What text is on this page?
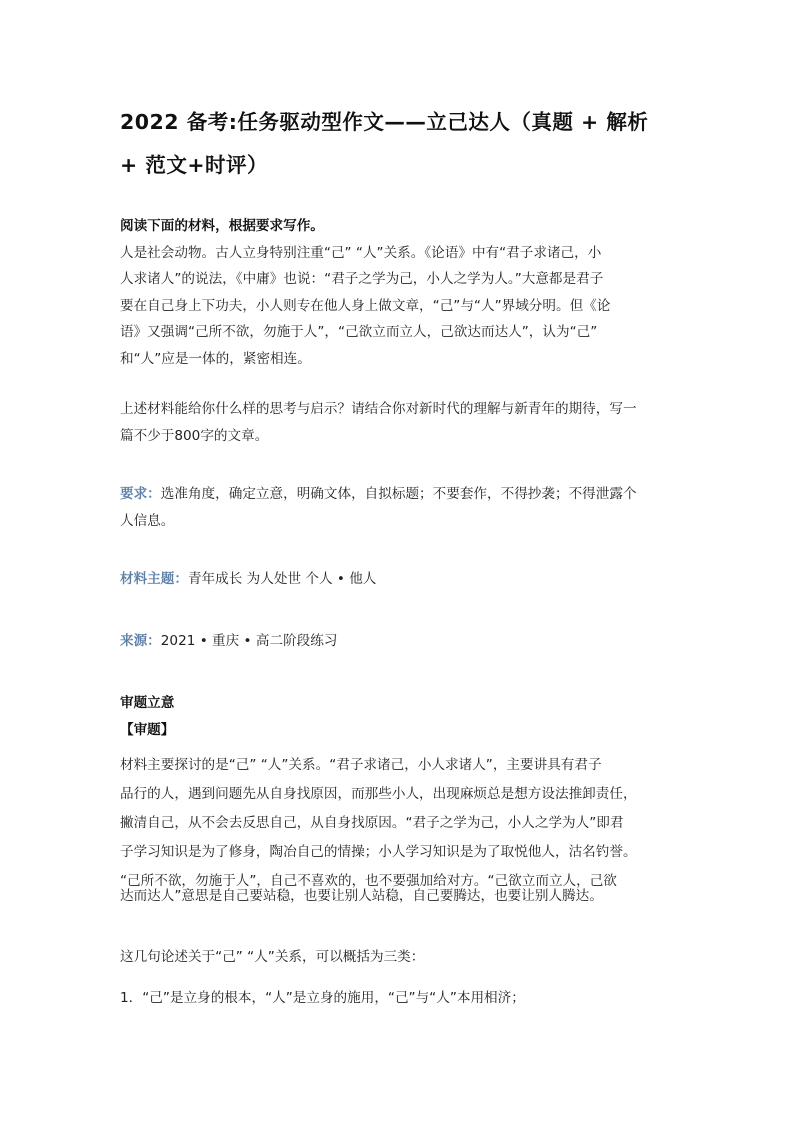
2022 备考:任务驱动型作文——立己达人（真题 + 解析
+ 范文+时评）
阅读下面的材料，根据要求写作。
人是社会动物。古人立身特别注重“己” “人”关系。《论语》中有“君子求诸己，小
人求诸人”的说法，《中庸》也说：“君子之学为己，小人之学为人。”大意都是君子
要在自己身上下功夫，小人则专在他人身上做文章，“己”与“人”界域分明。但《论
语》又强调“己所不欲，勿施于人”，“己欲立而立人，己欲达而达人”，认为“己”
和“人”应是一体的，紧密相连。
上述材料能给你什么样的思考与启示？请结合你对新时代的理解与新青年的期待，写一
篇不少于800字的文章。
要求：选准角度，确定立意，明确文体，自拟标题；不要套作，不得抄袭；不得泄露个
人信息。
材料主题：青年成长 为人处世 个人 • 他人
来源：2021 • 重庆 • 高二阶段练习
审题立意
【审题】
材料主要探讨的是“己” “人”关系。“君子求诸己，小人求诸人”，主要讲具有君子
品行的人，遇到问题先从自身找原因，而那些小人，出现麻烦总是想方设法推卸责任，
撇清自己，从不会去反思自己，从自身找原因。“君子之学为己，小人之学为人”即君
子学习知识是为了修身，陶冶自己的情操；小人学习知识是为了取悦他人，沽名钓誉。
“己所不欲，勿施于人”，自己不喜欢的，也不要强加给对方。“己欲立而立人，己欲
达而达人”意思是自己要站稳，也要让别人站稳，自己要腾达，也要让别人腾达。
这几句论述关于“己” “人”关系，可以概括为三类：
1．“己”是立身的根本，“人”是立身的施用，“己”与“人”本用相济；
